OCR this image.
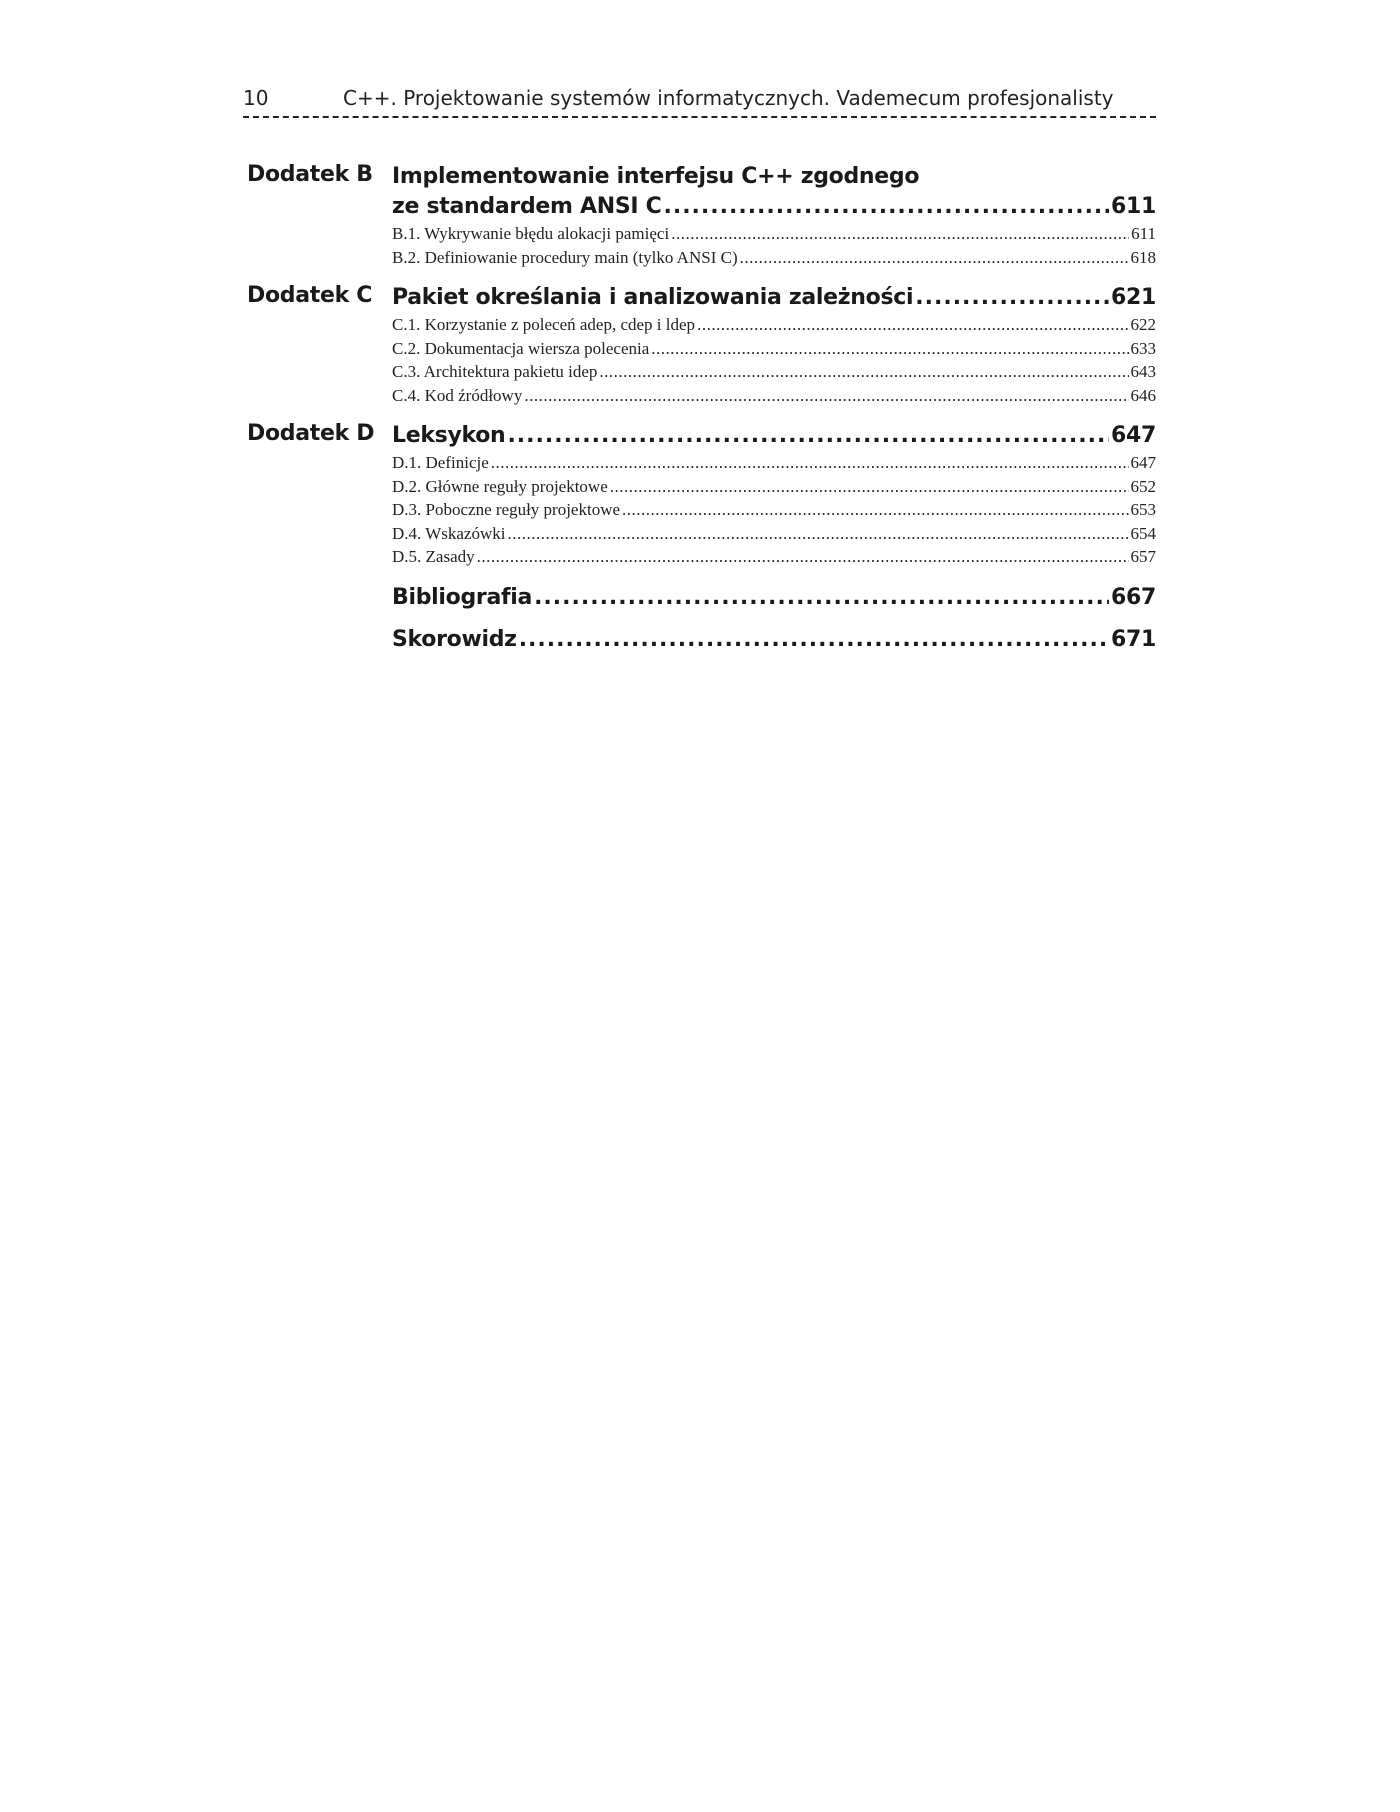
10	C++. Projektowanie systemów informatycznych. Vademecum profesjonalisty
Dodatek B Implementowanie interfejsu C++ zgodnego
ze standardem ANSI C .....	611
B.1. Wykrywanie błędu alokacji pamięci .....	611
B.2. Definiowanie procedury main (tylko ANSI C) .....	618
Dodatek C Pakiet określania i analizowania zależności .....	621
C.1. Korzystanie z poleceń adep, cdep i ldep .....	622
C.2. Dokumentacja wiersza polecenia .....	633
C.3. Architektura pakietu idep .....	643
C.4. Kod źródłowy .....	646
Dodatek D Leksykon .....	647
D.1. Definicje .....	647
D.2. Główne reguły projektowe .....	652
D.3. Poboczne reguły projektowe .....	653
D.4. Wskazówki .....	654
D.5. Zasady .....	657
Bibliografia .....	667
Skorowidz .....	671
